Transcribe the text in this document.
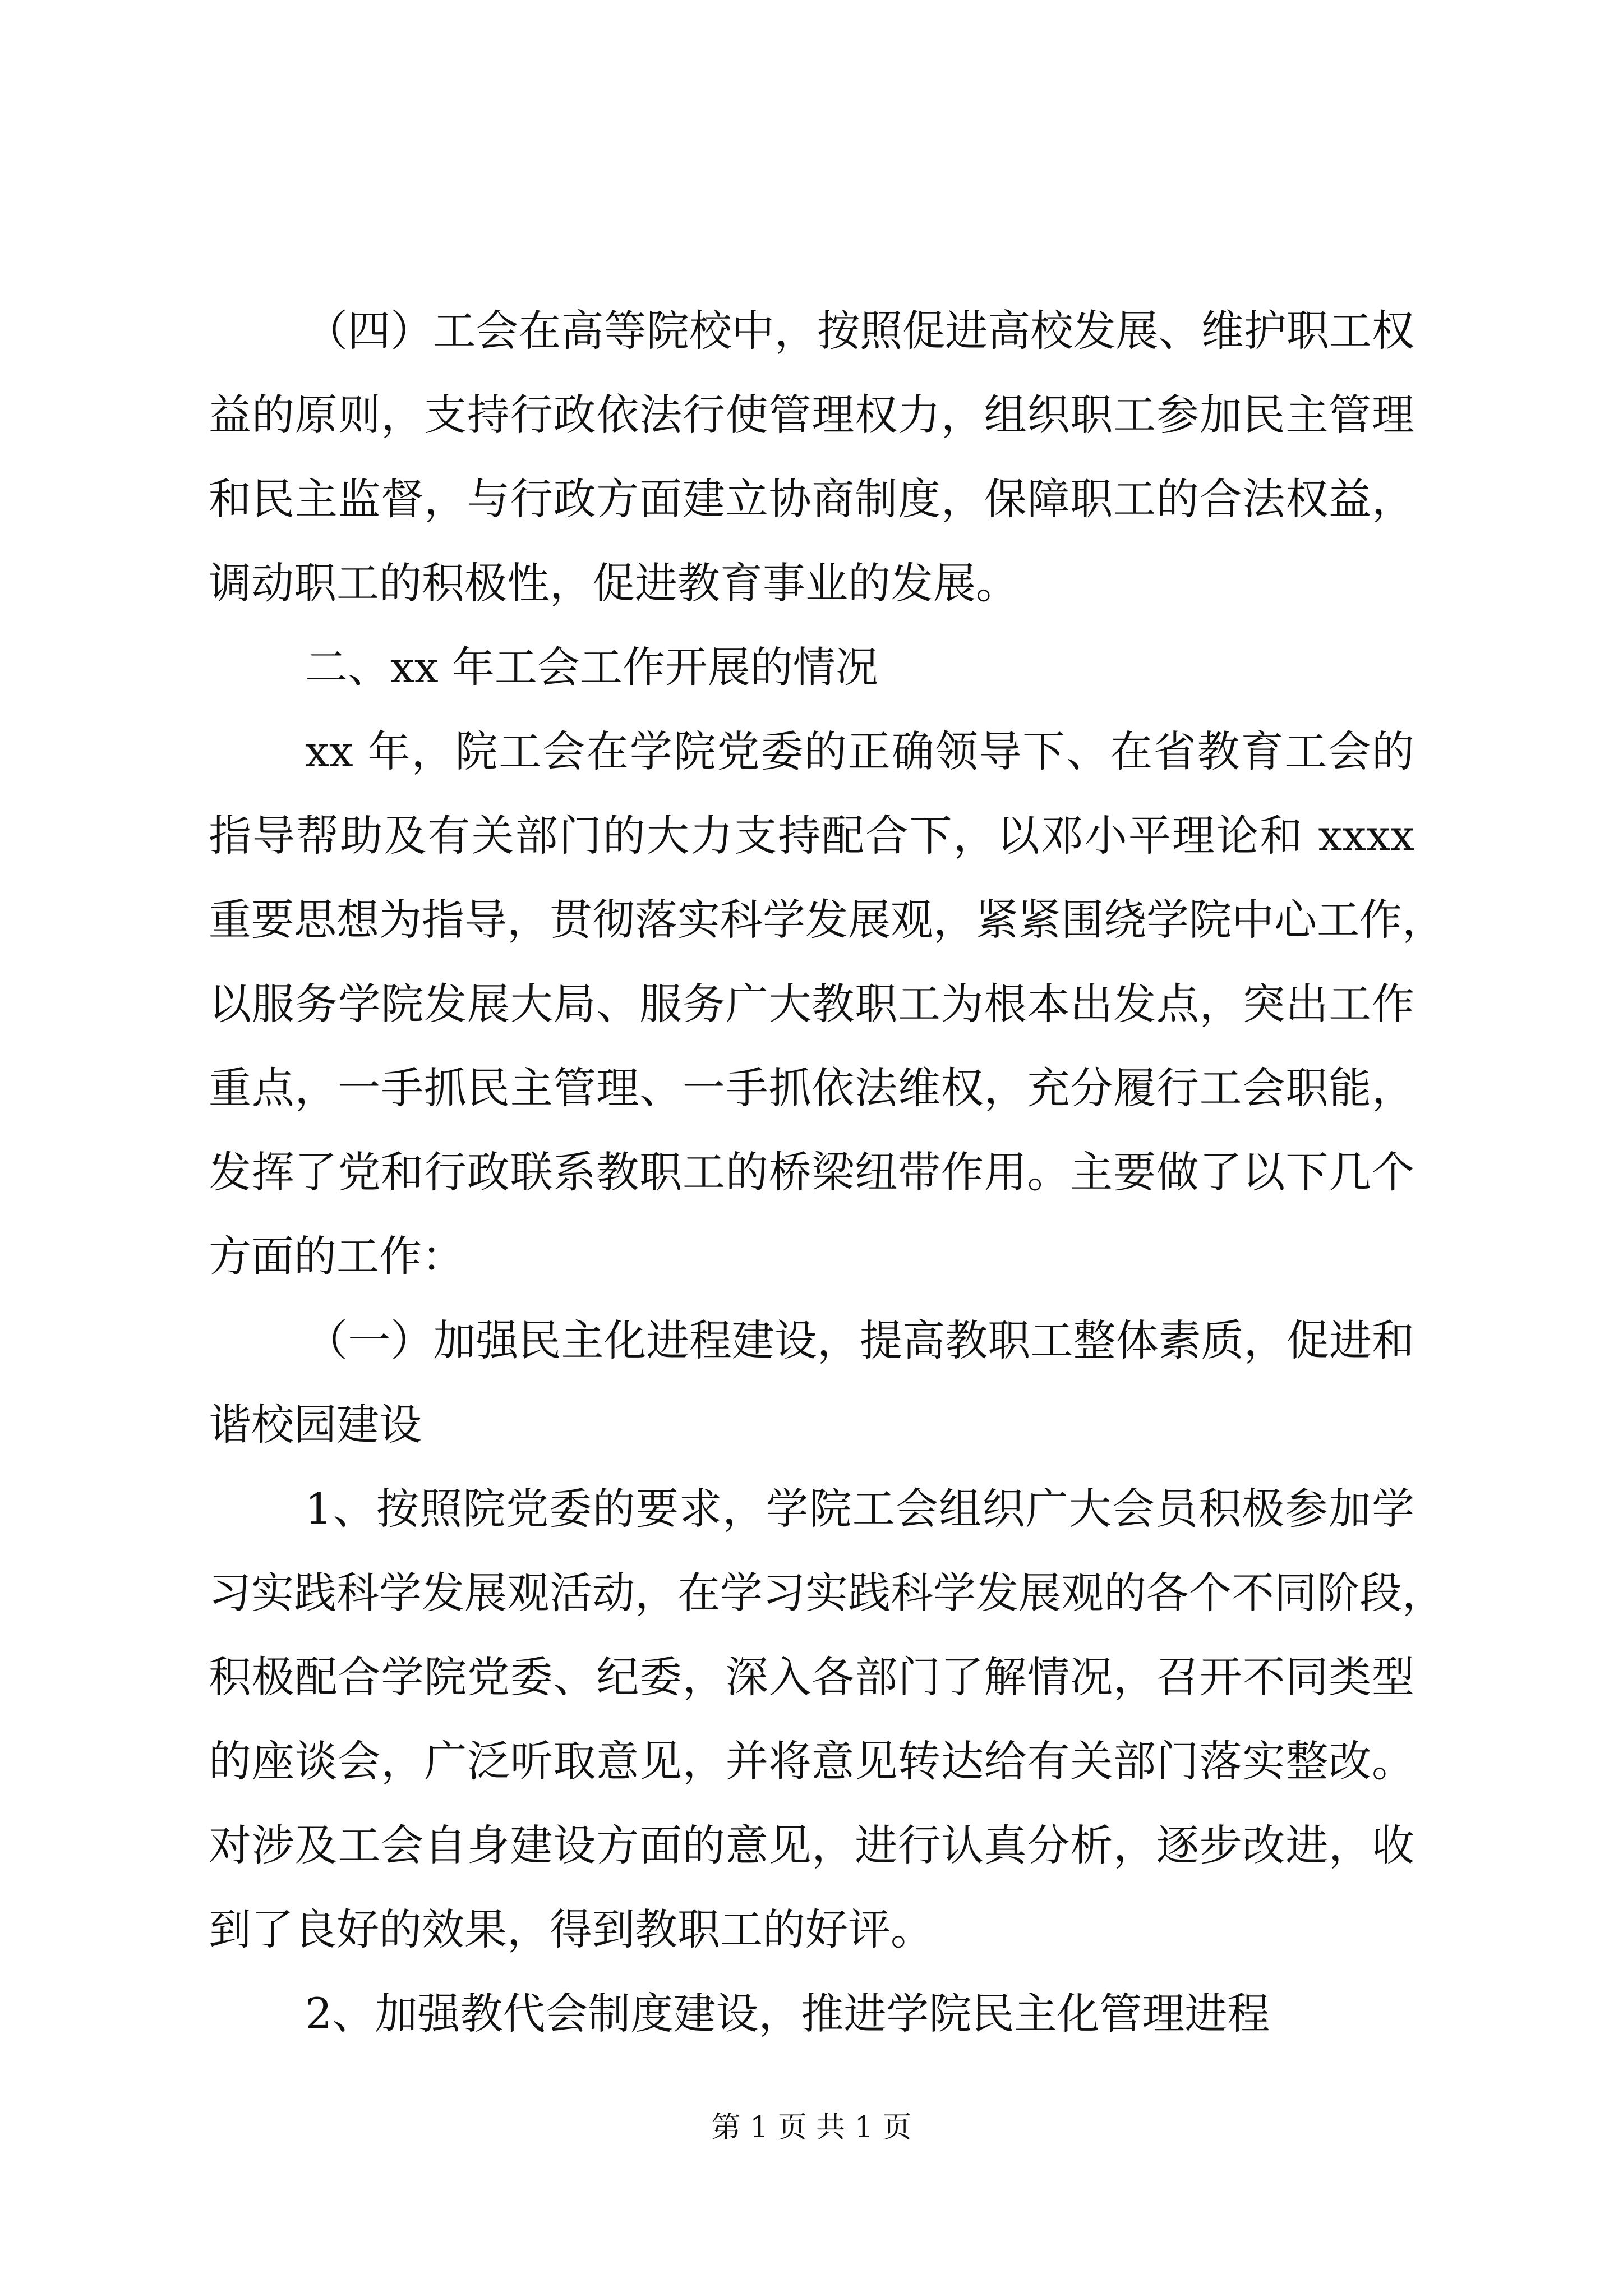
（四）工会在高等院校中，按照促进高校发展、维护职工权
益的原则，支持行政依法行使管理权力，组织职工参加民主管理
和民主监督，与行政方面建立协商制度，保障职工的合法权益，
调动职工的积极性，促进教育事业的发展。
二、xx 年工会工作开展的情况
xx 年，院工会在学院党委的正确领导下、在省教育工会的
指导帮助及有关部门的大力支持配合下，以邓小平理论和 xxxx
重要思想为指导，贯彻落实科学发展观，紧紧围绕学院中心工作，
以服务学院发展大局、服务广大教职工为根本出发点，突出工作
重点，一手抓民主管理、一手抓依法维权，充分履行工会职能，
发挥了党和行政联系教职工的桥梁纽带作用。主要做了以下几个
方面的工作：
（一）加强民主化进程建设，提高教职工整体素质，促进和
谐校园建设
1、按照院党委的要求，学院工会组织广大会员积极参加学
习实践科学发展观活动，在学习实践科学发展观的各个不同阶段，
积极配合学院党委、纪委，深入各部门了解情况，召开不同类型
的座谈会，广泛听取意见，并将意见转达给有关部门落实整改。
对涉及工会自身建设方面的意见，进行认真分析，逐步改进，收
到了良好的效果，得到教职工的好评。
2、加强教代会制度建设，推进学院民主化管理进程
第 1 页 共 1 页
